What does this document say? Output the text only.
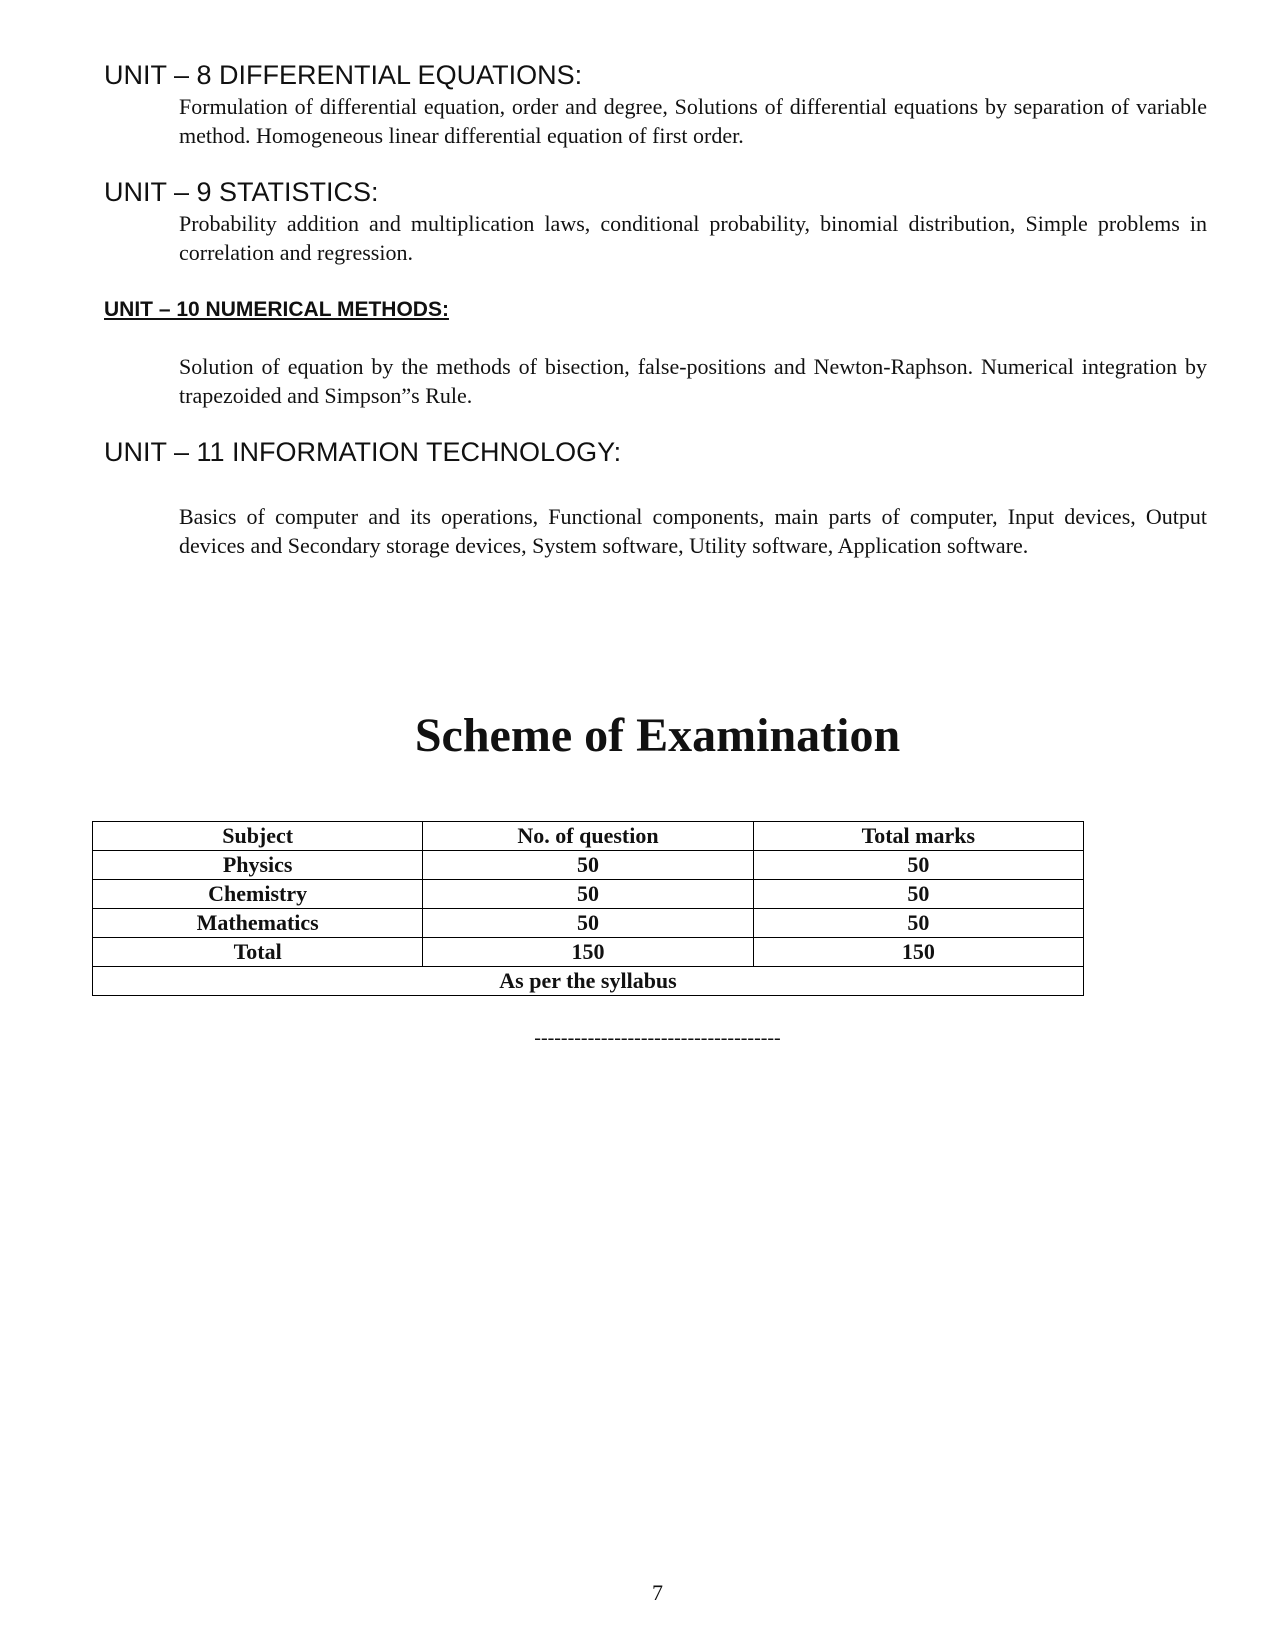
UNIT – 8 DIFFERENTIAL EQUATIONS:

Formulation of differential equation, order and degree, Solutions of differential equations by separation of variable method. Homogeneous linear differential equation of first order.

UNIT – 9 STATISTICS:

Probability addition and multiplication laws, conditional probability, binomial distribution, Simple problems in correlation and regression.

UNIT – 10 NUMERICAL METHODS:

Solution of equation by the methods of bisection, false-positions and Newton-Raphson. Numerical integration by trapezoided and Simpson”s Rule.

UNIT – 11 INFORMATION TECHNOLOGY:

Basics of computer and its operations, Functional components, main parts of computer, Input devices, Output devices and Secondary storage devices, System software, Utility software, Application software.

Scheme of Examination
Subject	No. of question	Total marks
Physics	50	50
Chemistry	50	50
Mathematics	50	50
Total	150	150
As per the syllabus		

-------------------------------------

7
